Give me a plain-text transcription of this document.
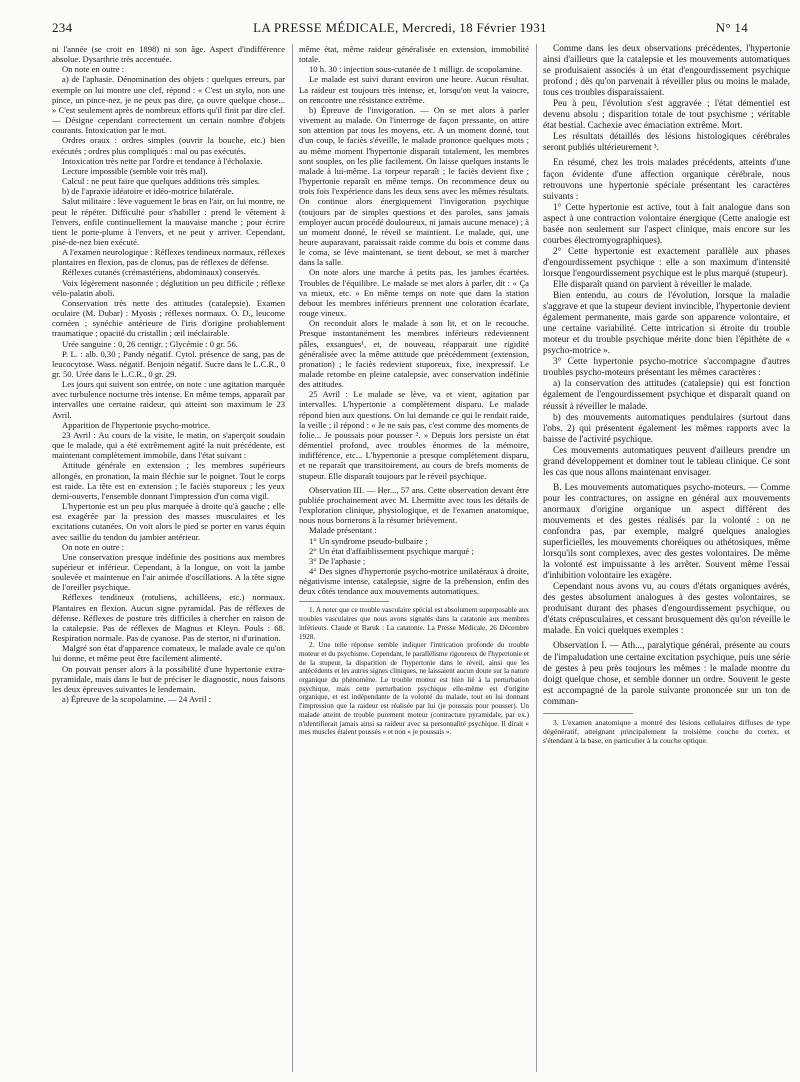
234	LA PRESSE MÉDICALE, Mercredi, 18 Février 1931	N° 14

ni l'année (se croit en 1898) ni son âge. Aspect d'indifférence absolue. Dysarthrie très accentuée.

On note en outre :

a) de l'aphasie. Dénomination des objets : quelques erreurs, par exemple on lui montre une clef, répond : « C'est un stylo, non une pince, un pince-nez, je ne peux pas dire, ça ouvre quelque chose... » C'est seulement après de nombreux efforts qu'il finit par dire clef. — Désigne cependant correctement un certain nombre d'objets courants. Intoxication par le mot.

Ordres oraux : ordres simples (ouvrir la bouche, etc.) bien exécutés ; ordres plus compliqués : mal ou pas exécutés.

Intoxication très nette par l'ordre et tendance à l'écholaxie.

Lecture impossible (semble voir très mal).

Calcul : ne peut faire que quelques additions très simples.

b) de l'apraxie idéatoire et idéo-motrice bilatérale.

Salut militaire : lève vaguement le bras en l'air, on lui montre, ne peut le répéter. Difficulté pour s'habiller : prend le vêtement à l'envers, enfile continuellement la mauvaise manche ; pour écrire tient le porte-plume à l'envers, et ne peut y arriver. Cependant, pisé-de-nez bien exécuté.

A l'examen neurologique : Réflexes tendineux normaux, réflexes plantaires en flexion, pas de clonus, pas de réflexes de défense.

Réflexes cutanés (crémastériens, abdominaux) conservés.

Voix légèrement nasonnée ; déglutition un peu difficile ; réflexe vélo-palatin aboli.

Conservation très nette des attitudes (catalepsie). Examen oculaire (M. Dubar) : Myosis ; réflexes normaux. O. D., leucome cornéen ; synéchie antérieure de l'iris d'origine probablement traumatique ; opacité du cristallin ; œil inéclairable.

Urée sanguine : 0, 26 centigr. ; Glycémie : 0 gr. 56.

P. L. : alb. 0,30 ; Pandy négatif. Cytol. présence de sang, pas de leucocytose. Wass. négatif. Benjoin négatif. Sucre dans le L.C.R., 0 gr. 50. Urée dans le L.C.R., 0 gr. 29.

Les jours qui suivent son entrée, on note : une agitation marquée avec turbulence nocturne très intense. En même temps, apparaît par intervalles une certaine raideur, qui atteint son maximum le 23 Avril.

Apparition de l'hypertonie psycho-motrice.

23 Avril : Au cours de la visite, le matin, on s'aperçoit soudain que le malade, qui a été extrêmement agité la nuit précédente, est maintenant complètement immobile, dans l'état suivant :

Attitude générale en extension ; les membres supérieurs allongés, en pronation, la main fléchie sur le poignet. Tout le corps est raide. La tête est en extension ; le faciès stuporeux ; les yeux demi-ouverts, l'ensemble donnant l'impression d'un coma vigil.

L'hypertonie est un peu plus marquée à droite qu'à gauche ; elle est exagérée par la pression des masses musculaires et les excitations cutanées. On voit alors le pied se porter en varus équin avec saillie du tendon du jambier antérieur.

On note en outre :

Une conservation presque indéfinie des positions aux membres supérieur et inférieur. Cependant, à la longue, on voit la jambe soulevée et maintenue en l'air animée d'oscillations. A la tête signe de l'oreiller psychique.

Réflexes tendineux (rotuliens, achilléens, etc.) normaux. Plantaires en flexion. Aucun signe pyramidal. Pas de réflexes de défense. Réflexes de posture très difficiles à chercher en raison de la catalepsie. Pas de réflexes de Magnus et Kleyn. Pouls : 68. Respiration normale. Pas de cyanose. Pas de stertor, ni d'urination.

Malgré son état d'apparence comateux, le malade avale ce qu'on lui donne, et même peut être facilement alimenté.

On pouvait penser alors à la possibilité d'une hypertonie extra-pyramidale, mais dans le but de préciser le diagnostic, nous faisons les deux épreuves suivantes le lendemain.

a) Épreuve de la scopolamine. — 24 Avril :

même état, même raideur généralisée en extension, immobilité totale.

10 h. 30 : injection sous-cutanée de 1 milligr. de scopolamine.

Le malade est suivi durant environ une heure. Aucun résultat. La raideur est toujours très intense, et, lorsqu'on veut la vaincre, on rencontre une résistance extrême.

b) Épreuve de l'invigoration. — On se met alors à parler vivement au malade. On l'interroge de façon pressante, on attire son attention par tous les moyens, etc. A un moment donné, tout d'un coup, le faciès s'éveille, le malade prononce quelques mots ; au même moment l'hypertonie disparaît totalement, les membres sont souples, on les plie facilement. On laisse quelques instants le malade à lui-même. La torpeur reparaît ; le faciès devient fixe ; l'hypertonie reparaît en même temps. On recommence deux ou trois fois l'expérience dans les deux sens avec les mêmes résultats. On continue alors énergiquement l'invigoration psychique (toujours par de simples questions et des paroles, sans jamais employer aucun procédé douloureux, ni jamais aucune menace) ; à un moment donné, le réveil se maintient. Le malade, qui, une heure auparavant, paraissait raide comme du bois et comme dans le coma, se lève maintenant, se tient debout, se met à marcher dans la salle.

On note alors une marche à petits pas, les jambes écartées. Troubles de l'équilibre. Le malade se met alors à parler, dit : « Ça va mieux, etc. » En même temps on note que dans la station debout les membres inférieurs prennent une coloration écarlate, rouge vineux.

On reconduit alors le malade à son lit, et on le recouche. Presque instantanément les membres inférieurs redeviennent pâles, exsangues¹, et, de nouveau, réapparait une rigidité généralisée avec la même attitude que précédemment (extension, pronation) ; le faciès redevient stuporeux, fixe, inexpressif. Le malade retombe en pleine catalepsie, avec conservation indéfinie des attitudes.

25 Avril : Le malade se lève, va et vient, agitation par intervalles. L'hypertonie a complètement disparu. Le malade répond bien aux questions. On lui demande ce qui le rendait raide, la veille ; il répond : « Je ne sais pas, c'est comme des moments de folie... Je poussais pour pousser ². » Depuis lors persiste un état démentiel profond, avec troubles énormes de la mémoire, indifférence, etc... L'hypertonie a presque complètement disparu, et ne reparaît que transitoirement, au cours de brefs moments de stupeur. Elle disparaît toujours par le réveil psychique.

Observation III. — Her..., 57 ans. Cette observation devant être publiée prochainement avec M. Lhermitte avec tous les détails de l'exploration clinique, physiologique, et de l'examen anatomique, nous nous bornerons à la résumer brièvement.

Malade présentant :

1° Un syndrome pseudo-bulbaire ;

2° Un état d'affaiblissement psychique marqué ;

3° De l'aphasie ;

4° Des signes d'hypertonie psycho-motrice unilatéraux à droite, négativisme intense, catalepsie, signe de la préhension, enfin des deux côtés tendance aux mouvements automatiques.

1. A noter que ce trouble vasculaire spécial est absolument superposable aux troubles vasculaires que nous avons signalés dans la catatonie aux membres inférieurs. Claude et Baruk : La catatonie. La Presse Médicale, 26 Décembre 1928.

2. Une telle réponse semble indiquer l'intrication profonde du trouble moteur et du psychisme. Cependant, le parallélisme rigoureux de l'hypertonie et de la stupeur, la disparition de l'hypertonie dans le réveil, ainsi que les antécédents et les autres signes cliniques, ne laissaient aucun doute sur la nature organique du phénomène. Le trouble moteur est bien lié à la perturbation psychique, mais cette perturbation psychique elle-même est d'origine organique, et est indépendante de la volonté du malade, tout en lui donnant l'impression que la raideur est réalisée par lui (je poussais pour pousser). Un malade atteint de trouble purement moteur (contracture pyramidale, par ex.) n'identifierait jamais ainsi sa raideur avec sa personnalité psychique. Il dirait « mes muscles étaient poussés » et non « je poussais ».

Comme dans les deux observations précédentes, l'hypertonie ainsi d'ailleurs que la catalepsie et les mouvements automatiques se produisaient associés à un état d'engourdissement psychique profond ; dès qu'on parvenait à réveiller plus ou moins le malade, tous ces troubles disparaissaient.

Peu à peu, l'évolution s'est aggravée ; l'état démentiel est devenu absolu ; disparition totale de tout psychisme ; véritable état bestial. Cachexie avec émaciation extrême. Mort.

Les résultats détaillés des lésions histologiques cérébrales seront publiés ultérieurement ³.

En résumé, chez les trois malades précédents, atteints d'une façon évidente d'une affection organique cérébrale, nous retrouvons une hypertonie spéciale présentant les caractères suivants :

1° Cette hypertonie est active, tout à fait analogue dans son aspect à une contraction volontaire énergique (Cette analogie est basée non seulement sur l'aspect clinique, mais encore sur les courbes électromyographiques).

2° Cette hypertonie est exactement parallèle aux phases d'engourdissement psychique : elle a son maximum d'intensité lorsque l'engourdissement psychique est le plus marqué (stupeur).

Elle disparaît quand on parvient à réveiller le malade.

Bien entendu, au cours de l'évolution, lorsque la maladie s'aggrave et que la stupeur devient invincible, l'hypertonie devient également permanente, mais garde son apparence volontaire, et une certaine variabilité. Cette intrication si étroite du trouble moteur et du trouble psychique mérite donc bien l'épithète de « psycho-motrice ».

3° Cette hypertonie psycho-motrice s'accompagne d'autres troubles psycho-moteurs présentant les mêmes caractères :

a) la conservation des attitudes (catalepsie) qui est fonction également de l'engourdissement psychique et disparaît quand on réussit à réveiller le malade.

b) des mouvements automatiques pendulaires (surtout dans l'obs. 2) qui présentent également les mêmes rapports avec la baisse de l'activité psychique.

Ces mouvements automatiques peuvent d'ailleurs prendre un grand développement et dominer tout le tableau clinique. Ce sont les cas que nous allons maintenant envisager.

B. Les mouvements automatiques psycho-moteurs. — Comme pour les contractures, on assigne en général aux mouvements anormaux d'origine organique un aspect différent des mouvements et des gestes réalisés par la volonté : on ne confondra pas, par exemple, malgré quelques analogies superficielles, les mouvements choréiques ou athétosiques, même lorsqu'ils sont complexes, avec des gestes volontaires. De même la volonté est impuissante à les arrêter. Souvent même l'essai d'inhibition volontaire les exagère.

Cependant nous avons vu, au cours d'états organiques avérés, des gestes absolument analogues à des gestes volontaires, se produisant durant des phases d'engourdissement psychique, ou d'états crépusculaires, et cessant brusquement dès qu'on réveille le malade. En voici quelques exemples :

Observation I. — Ath..., paralytique général, présente au cours de l'impaludation une certaine excitation psychique, puis une série de gestes à peu près toujours les mêmes : le malade montre du doigt quelque chose, et semble donner un ordre. Souvent le geste est accompagné de la parole suivante prononcée sur un ton de comman-

3. L'examen anatomique a montré des lésions cellulaires diffuses de type dégénératif, atteignant principalement la troisième couche du cortex, et s'étendant à la base, en particulier à la couche optique.
